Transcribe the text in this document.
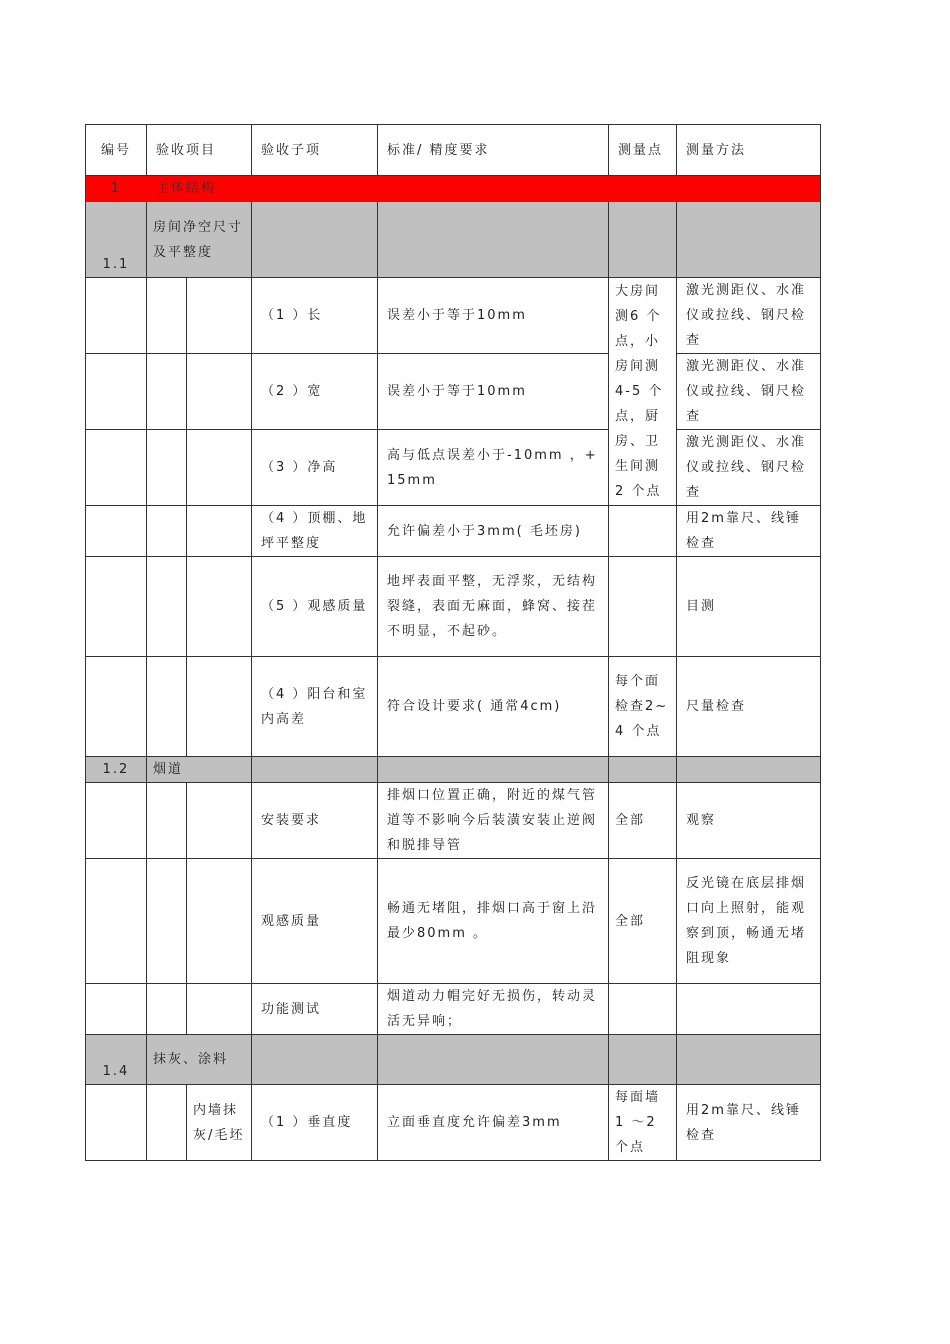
编号	验收项目		验收子项	标准/ 精度要求	测量点	测量方法
1	主体结构					
1.1	房间净空尺寸及平整度					
			（1 ）长	误差小于等于10mm	大房间测6 个点，小房间测4-5 个点，厨房、卫生间测2 个点	激光测距仪、水准仪或拉线、钢尺检查
			（2 ）宽	误差小于等于10mm		激光测距仪、水准仪或拉线、钢尺检查
			（3 ）净高	高与低点误差小于-10mm ，+15mm		激光测距仪、水准仪或拉线、钢尺检查
			（4 ）顶棚、地坪平整度	允许偏差小于3mm( 毛坯房)		用2m靠尺、线锤检查
			（5 ）观感质量	地坪表面平整，无浮浆，无结构裂缝，表面无麻面，蜂窝、接茬不明显，不起砂。		目测
			（4 ）阳台和室内高差	符合设计要求( 通常4cm)	每个面检查2~4 个点	尺量检查
1.2	烟道					
			安装要求	排烟口位置正确，附近的煤气管道等不影响今后装潢安装止逆阀和脱排导管	全部	观察
			观感质量	畅通无堵阻，排烟口高于窗上沿最少80mm 。	全部	反光镜在底层排烟口向上照射，能观察到顶，畅通无堵阻现象
			功能测试	烟道动力帽完好无损伤，转动灵活无异响；		
1.4	抹灰、涂料					
		内墙抹灰/毛坯	（1 ）垂直度	立面垂直度允许偏差3mm	每面墙1 ～2 个点	用2m靠尺、线锤检查
